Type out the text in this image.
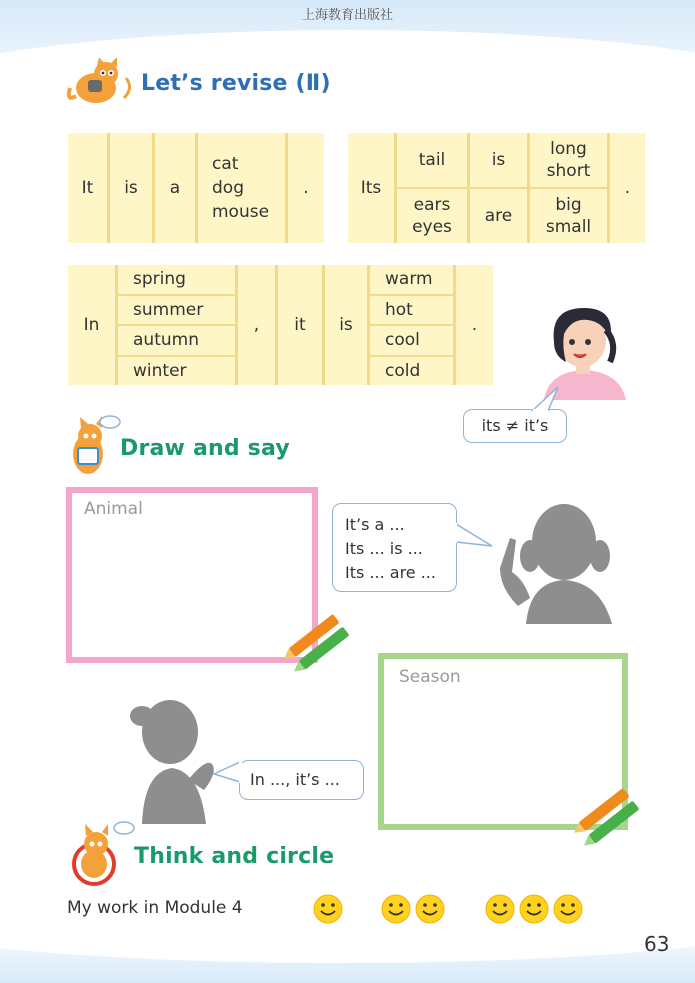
上海教育出版社
Let’s revise (Ⅱ)
It is a
cat
dog
mouse
.	Its
tail
ears
eyes
is
are
long
short
big
small
.
In
spring
summer
autumn
winter
, it is
warm
hot
cool
cold
.
its ≠ it’s
Draw and say
Animal
It’s a ...
Its ... is ...
Its ... are ...
In ..., it’s ...
Season
Think and circle
My work in Module 4
63
